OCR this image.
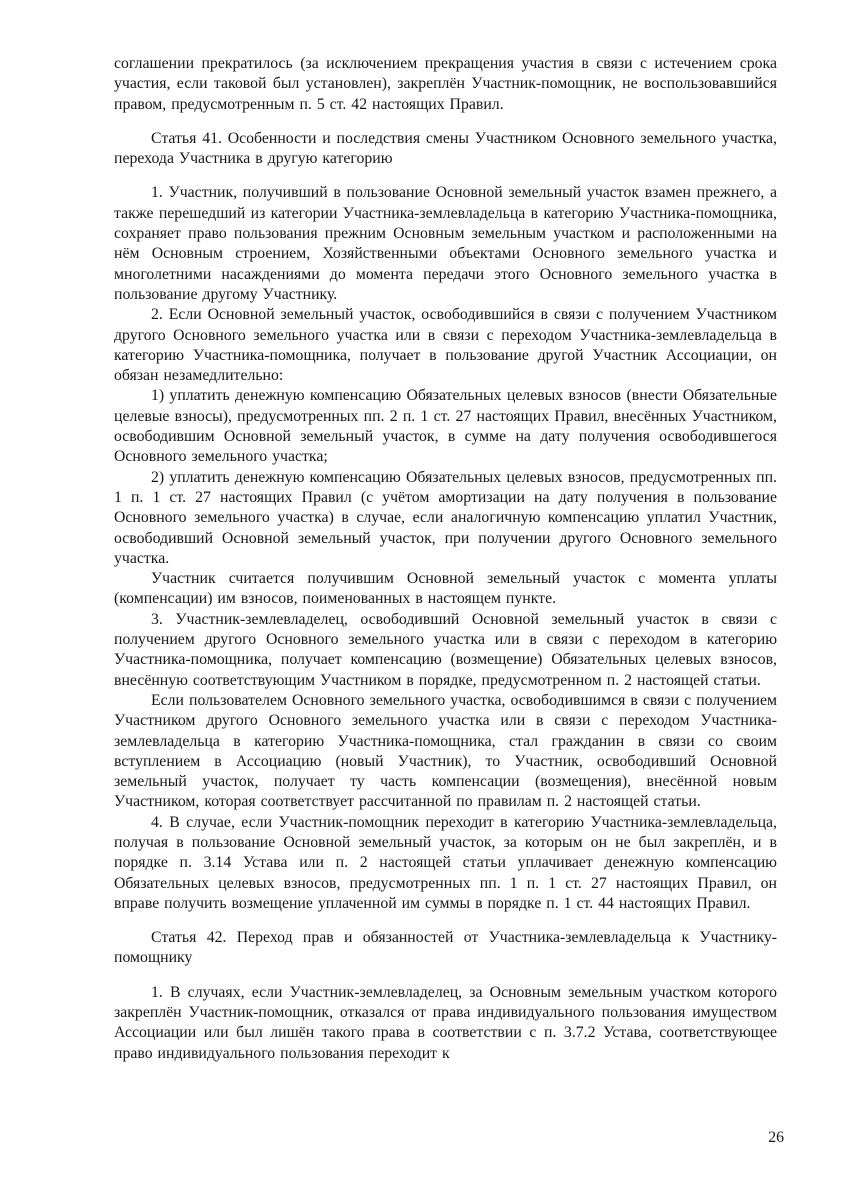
соглашении прекратилось (за исключением прекращения участия в связи с истечением срока участия, если таковой был установлен), закреплён Участник-помощник, не воспользовавшийся правом, предусмотренным п. 5 ст. 42 настоящих Правил.

Статья 41. Особенности и последствия смены Участником Основного земельного участка, перехода Участника в другую категорию

1. Участник, получивший в пользование Основной земельный участок взамен прежнего, а также перешедший из категории Участника-землевладельца в категорию Участника-помощника, сохраняет право пользования прежним Основным земельным участком и расположенными на нём Основным строением, Хозяйственными объектами Основного земельного участка и многолетними насаждениями до момента передачи этого Основного земельного участка в пользование другому Участнику.

2. Если Основной земельный участок, освободившийся в связи с получением Участником другого Основного земельного участка или в связи с переходом Участника-землевладельца в категорию Участника-помощника, получает в пользование другой Участник Ассоциации, он обязан незамедлительно:

1) уплатить денежную компенсацию Обязательных целевых взносов (внести Обязательные целевые взносы), предусмотренных пп. 2 п. 1 ст. 27 настоящих Правил, внесённых Участником, освободившим Основной земельный участок, в сумме на дату получения освободившегося Основного земельного участка;

2) уплатить денежную компенсацию Обязательных целевых взносов, предусмотренных пп. 1 п. 1 ст. 27 настоящих Правил (с учётом амортизации на дату получения в пользование Основного земельного участка) в случае, если аналогичную компенсацию уплатил Участник, освободивший Основной земельный участок, при получении другого Основного земельного участка.

Участник считается получившим Основной земельный участок с момента уплаты (компенсации) им взносов, поименованных в настоящем пункте.

3. Участник-землевладелец, освободивший Основной земельный участок в связи с получением другого Основного земельного участка или в связи с переходом в категорию Участника-помощника, получает компенсацию (возмещение) Обязательных целевых взносов, внесённую соответствующим Участником в порядке, предусмотренном п. 2 настоящей статьи.

Если пользователем Основного земельного участка, освободившимся в связи с получением Участником другого Основного земельного участка или в связи с переходом Участника-землевладельца в категорию Участника-помощника, стал гражданин в связи со своим вступлением в Ассоциацию (новый Участник), то Участник, освободивший Основной земельный участок, получает ту часть компенсации (возмещения), внесённой новым Участником, которая соответствует рассчитанной по правилам п. 2 настоящей статьи.

4. В случае, если Участник-помощник переходит в категорию Участника-землевладельца, получая в пользование Основной земельный участок, за которым он не был закреплён, и в порядке п. 3.14 Устава или п. 2 настоящей статьи уплачивает денежную компенсацию Обязательных целевых взносов, предусмотренных пп. 1 п. 1 ст. 27 настоящих Правил, он вправе получить возмещение уплаченной им суммы в порядке п. 1 ст. 44 настоящих Правил.

Статья 42. Переход прав и обязанностей от Участника-землевладельца к Участнику-помощнику

1. В случаях, если Участник-землевладелец, за Основным земельным участком которого закреплён Участник-помощник, отказался от права индивидуального пользования имуществом Ассоциации или был лишён такого права в соответствии с п. 3.7.2 Устава, соответствующее право индивидуального пользования переходит к

26
